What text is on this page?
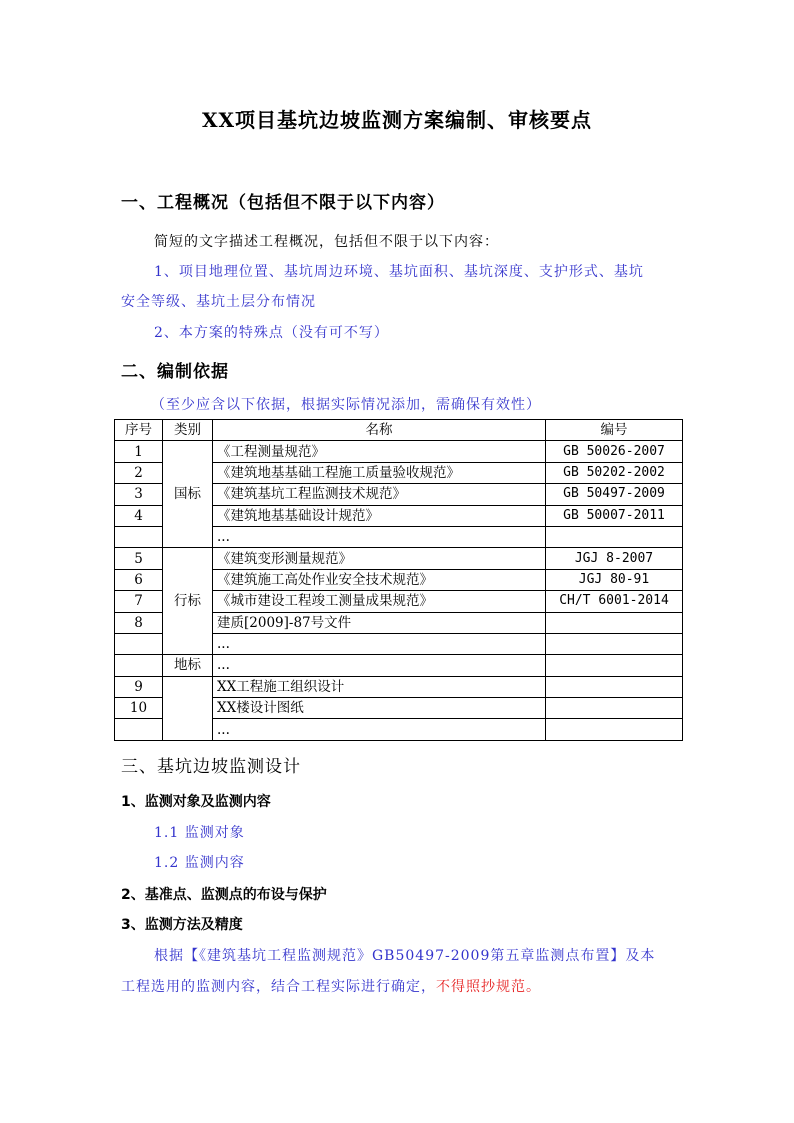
XX项目基坑边坡监测方案编制、审核要点
一、工程概况（包括但不限于以下内容）
简短的文字描述工程概况，包括但不限于以下内容：
1、项目地理位置、基坑周边环境、基坑面积、基坑深度、支护形式、基坑
安全等级、基坑土层分布情况
2、本方案的特殊点（没有可不写）
二、编制依据
（至少应含以下依据，根据实际情况添加，需确保有效性）
序号	类别	名称	编号
1	国标	《工程测量规范》	GB 50026-2007
2		《建筑地基基础工程施工质量验收规范》	GB 50202-2002
3		《建筑基坑工程监测技术规范》	GB 50497-2009
4		《建筑地基基础设计规范》	GB 50007-2011
		...	
5	行标	《建筑变形测量规范》	JGJ 8-2007
6		《建筑施工高处作业安全技术规范》	JGJ 80-91
7		《城市建设工程竣工测量成果规范》	CH/T 6001-2014
8		建质[2009]-87号文件	
		...	
	地标	...	
9		XX工程施工组织设计	
10		XX楼设计图纸	
		...	
三、基坑边坡监测设计
1、监测对象及监测内容
1.1 监测对象
1.2 监测内容
2、基准点、监测点的布设与保护
3、监测方法及精度
根据【《建筑基坑工程监测规范》GB50497-2009第五章监测点布置】及本
工程选用的监测内容，结合工程实际进行确定，不得照抄规范。
